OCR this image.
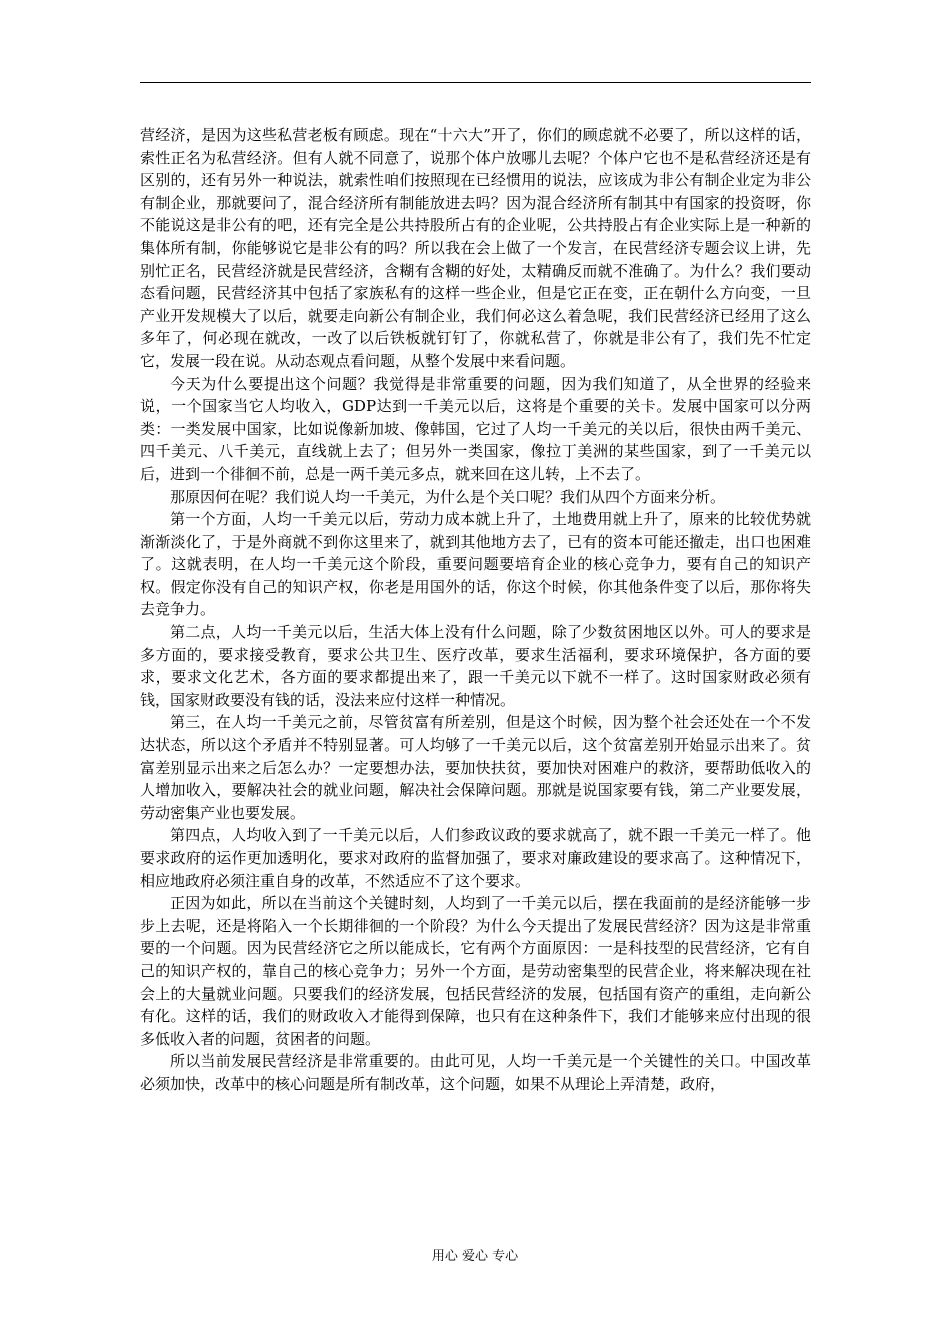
营经济，是因为这些私营老板有顾虑。现在“十六大”开了，你们的顾虑就不必要了，所以这样的话，索性正名为私营经济。但有人就不同意了，说那个体户放哪儿去呢？个体户它也不是私营经济还是有区别的，还有另外一种说法，就索性咱们按照现在已经惯用的说法，应该成为非公有制企业定为非公有制企业，那就要问了，混合经济所有制能放进去吗？因为混合经济所有制其中有国家的投资呀，你不能说这是非公有的吧，还有完全是公共持股所占有的企业呢，公共持股占有企业实际上是一种新的集体所有制，你能够说它是非公有的吗？所以我在会上做了一个发言，在民营经济专题会议上讲，先别忙正名，民营经济就是民营经济，含糊有含糊的好处，太精确反而就不准确了。为什么？我们要动态看问题，民营经济其中包括了家族私有的这样一些企业，但是它正在变，正在朝什么方向变，一旦产业开发规模大了以后，就要走向新公有制企业，我们何必这么着急呢，我们民营经济已经用了这么多年了，何必现在就改，一改了以后铁板就钉钉了，你就私营了，你就是非公有了，我们先不忙定它，发展一段在说。从动态观点看问题，从整个发展中来看问题。

今天为什么要提出这个问题？我觉得是非常重要的问题，因为我们知道了，从全世界的经验来说，一个国家当它人均收入，GDP达到一千美元以后，这将是个重要的关卡。发展中国家可以分两类：一类发展中国家，比如说像新加坡、像韩国，它过了人均一千美元的关以后，很快由两千美元、四千美元、八千美元，直线就上去了；但另外一类国家，像拉丁美洲的某些国家，到了一千美元以后，进到一个徘徊不前，总是一两千美元多点，就来回在这儿转，上不去了。

那原因何在呢？我们说人均一千美元，为什么是个关口呢？我们从四个方面来分析。

第一个方面，人均一千美元以后，劳动力成本就上升了，土地费用就上升了，原来的比较优势就渐渐淡化了，于是外商就不到你这里来了，就到其他地方去了，已有的资本可能还撤走，出口也困难了。这就表明，在人均一千美元这个阶段，重要问题要培育企业的核心竞争力，要有自己的知识产权。假定你没有自己的知识产权，你老是用国外的话，你这个时候，你其他条件变了以后，那你将失去竞争力。

第二点，人均一千美元以后，生活大体上没有什么问题，除了少数贫困地区以外。可人的要求是多方面的，要求接受教育，要求公共卫生、医疗改革，要求生活福利，要求环境保护，各方面的要求，要求文化艺术，各方面的要求都提出来了，跟一千美元以下就不一样了。这时国家财政必须有钱，国家财政要没有钱的话，没法来应付这样一种情况。

第三，在人均一千美元之前，尽管贫富有所差别，但是这个时候，因为整个社会还处在一个不发达状态，所以这个矛盾并不特别显著。可人均够了一千美元以后，这个贫富差别开始显示出来了。贫富差别显示出来之后怎么办？一定要想办法，要加快扶贫，要加快对困难户的救济，要帮助低收入的人增加收入，要解决社会的就业问题，解决社会保障问题。那就是说国家要有钱，第二产业要发展，劳动密集产业也要发展。

第四点，人均收入到了一千美元以后，人们参政议政的要求就高了，就不跟一千美元一样了。他要求政府的运作更加透明化，要求对政府的监督加强了，要求对廉政建设的要求高了。这种情况下，相应地政府必须注重自身的改革，不然适应不了这个要求。

正因为如此，所以在当前这个关键时刻，人均到了一千美元以后，摆在我面前的是经济能够一步步上去呢，还是将陷入一个长期徘徊的一个阶段？为什么今天提出了发展民营经济？因为这是非常重要的一个问题。因为民营经济它之所以能成长，它有两个方面原因：一是科技型的民营经济，它有自己的知识产权的，靠自己的核心竞争力；另外一个方面，是劳动密集型的民营企业，将来解决现在社会上的大量就业问题。只要我们的经济发展，包括民营经济的发展，包括国有资产的重组，走向新公有化。这样的话，我们的财政收入才能得到保障，也只有在这种条件下，我们才能够来应付出现的很多低收入者的问题，贫困者的问题。

所以当前发展民营经济是非常重要的。由此可见，人均一千美元是一个关键性的关口。中国改革必须加快，改革中的核心问题是所有制改革，这个问题，如果不从理论上弄清楚，政府，

用心 爱心 专心
